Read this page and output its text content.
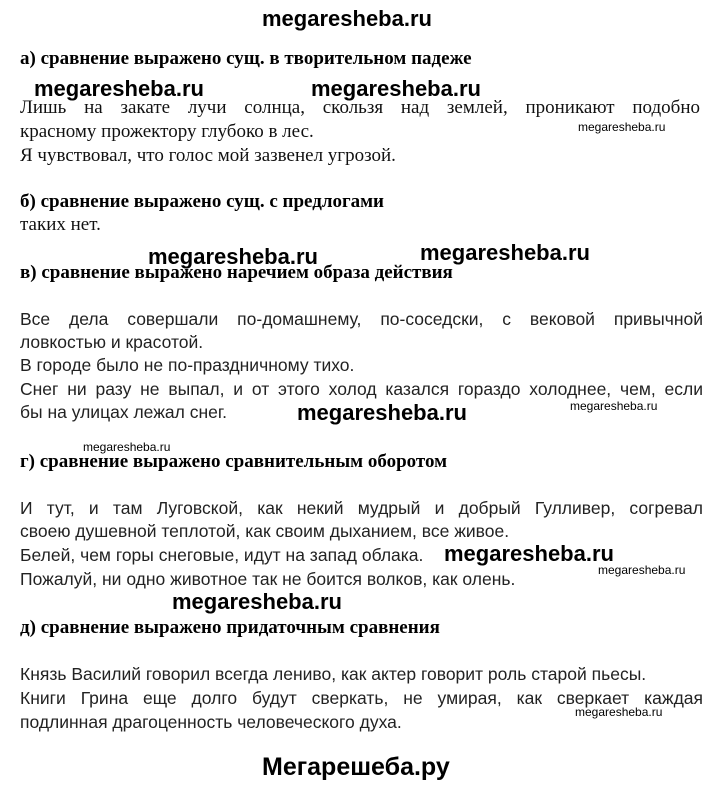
megaresheba.ru
а) сравнение выражено сущ. в творительном падеже
megaresheba.ru	megaresheba.ru
Лишь на закате лучи солнца, скользя над землей, проникают подобно
красному прожектору глубоко в лес.	megaresheba.ru
Я чувствовал, что голос мой зазвенел угрозой.
б) сравнение выражено сущ. с предлогами
таких нет.
megaresheba.ru	megaresheba.ru
в) сравнение выражено наречием образа действия
Все дела совершали по-домашнему, по-соседски, с вековой привычной
ловкостью и красотой.
В городе было не по-праздничному тихо.
Снег ни разу не выпал, и от этого холод казался гораздо холоднее, чем, если
бы на улицах лежал снег.	megaresheba.ru	megaresheba.ru
megaresheba.ru
г) сравнение выражено сравнительным оборотом
И тут, и там Луговской, как некий мудрый и добрый Гулливер, согревал
своею душевной теплотой, как своим дыханием, все живое.
Белей, чем горы снеговые, идут на запад облака. megaresheba.ru
megaresheba.ru
Пожалуй, ни одно животное так не боится волков, как олень.
megaresheba.ru
д) сравнение выражено придаточным сравнения
Князь Василий говорил всегда лениво, как актер говорит роль старой пьесы.
Книги Грина еще долго будут сверкать, не умирая, как сверкает каждая
megaresheba.ru
подлинная драгоценность человеческого духа.
Мегарешеба.ру
